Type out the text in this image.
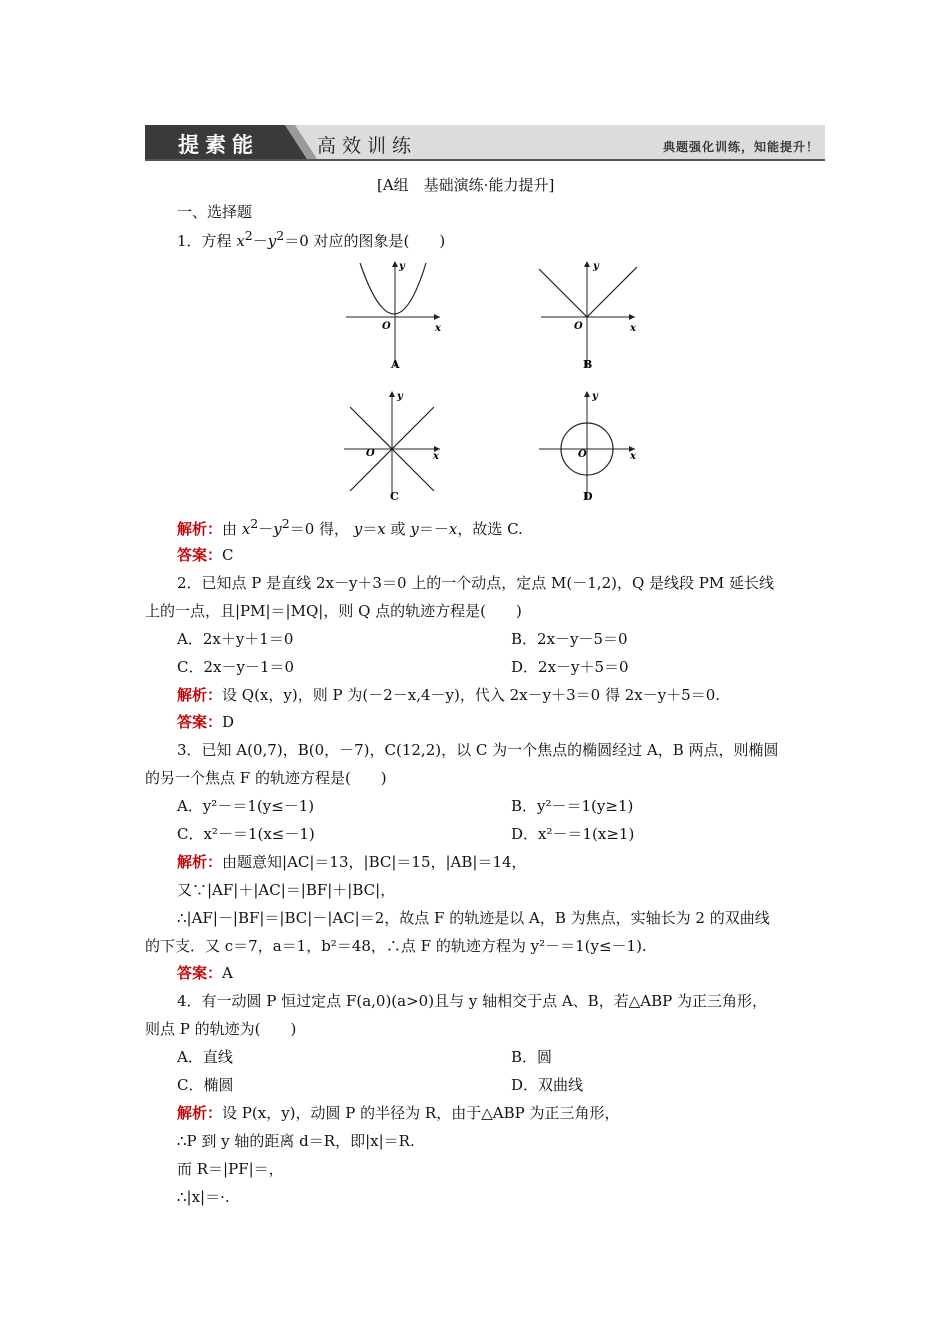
提素能	高效训练	典题强化训练，知能提升！
[A组　基础演练·能力提升]
一、选择题
1．方程 $x^2-y^2=0$ 对应的图象是(　　)
O	x
y
A
O	x
y
B
O	x
y
C
O	x
y
D
解析：由 $x^2-y^2=0$ 得， y＝x 或 y＝－x，故选 C.
答案：C
2．已知点 P 是直线 2x－y＋3＝0 上的一个动点，定点 M(－1,2)，Q 是线段 PM 延长线
上的一点，且|PM|＝|MQ|，则 Q 点的轨迹方程是(　　)
A．2x＋y＋1＝0	B．2x－y－5＝0
C．2x－y－1＝0	D．2x－y＋5＝0
解析：设 Q(x，y)，则 P 为(－2－x,4－y)，代入 2x－y＋3＝0 得 2x－y＋5＝0.
答案：D
3．已知 A(0,7)，B(0，－7)，C(12,2)，以 C 为一个焦点的椭圆经过 A，B 两点，则椭圆
的另一个焦点 F 的轨迹方程是(　　)
A．y²－＝1(y≤－1)	B．y²－＝1(y≥1)
C．x²－＝1(x≤－1)	D．x²－＝1(x≥1)
解析：由题意知|AC|＝13，|BC|＝15，|AB|＝14，
又∵|AF|＋|AC|＝|BF|＋|BC|，
∴|AF|－|BF|＝|BC|－|AC|＝2，故点 F 的轨迹是以 A，B 为焦点，实轴长为 2 的双曲线
的下支．又 c＝7，a＝1，b²＝48，∴点 F 的轨迹方程为 y²－＝1(y≤－1).
答案：A
4．有一动圆 P 恒过定点 F(a,0)(a>0)且与 y 轴相交于点 A、B，若△ABP 为正三角形，
则点 P 的轨迹为(　　)
A．直线	B．圆
C．椭圆	D．双曲线
解析：设 P(x，y)，动圆 P 的半径为 R，由于△ABP 为正三角形，
∴P 到 y 轴的距离 d＝R，即|x|＝R.
而 R＝|PF|＝，
∴|x|＝·.
